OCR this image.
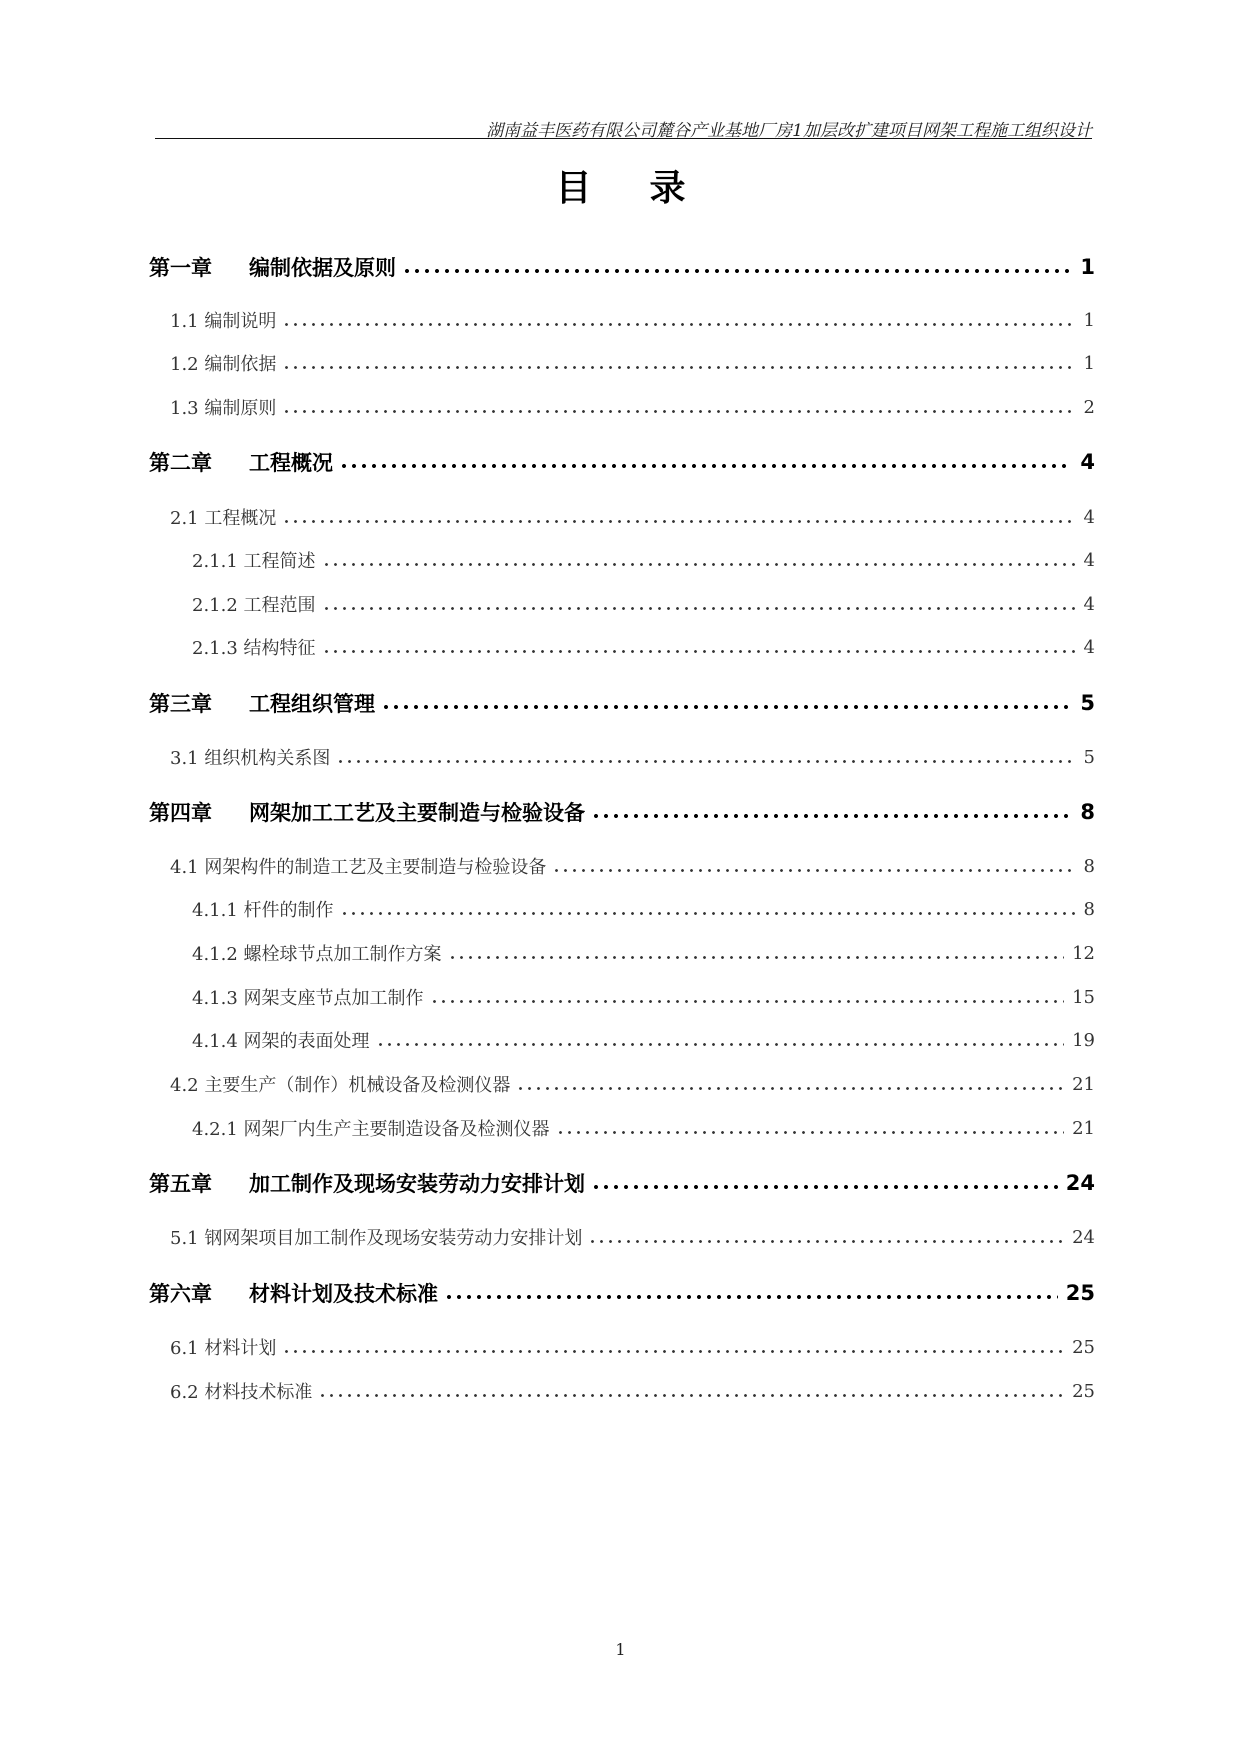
湖南益丰医药有限公司麓谷产业基地厂房1加层改扩建项目网架工程施工组织设计
目录
第一章 编制依据及原则	1
1.1 编制说明	1
1.2 编制依据	1
1.3 编制原则	2
第二章 工程概况	4
2.1 工程概况	4
2.1.1 工程简述	4
2.1.2 工程范围	4
2.1.3 结构特征	4
第三章 工程组织管理	5
3.1 组织机构关系图	5
第四章 网架加工工艺及主要制造与检验设备	8
4.1 网架构件的制造工艺及主要制造与检验设备	8
4.1.1 杆件的制作	8
4.1.2 螺栓球节点加工制作方案	12
4.1.3 网架支座节点加工制作	15
4.1.4 网架的表面处理	19
4.2 主要生产（制作）机械设备及检测仪器	21
4.2.1 网架厂内生产主要制造设备及检测仪器	21
第五章 加工制作及现场安装劳动力安排计划	24
5.1 钢网架项目加工制作及现场安装劳动力安排计划	24
第六章 材料计划及技术标准	25
6.1 材料计划	25
6.2 材料技术标准	25
1
